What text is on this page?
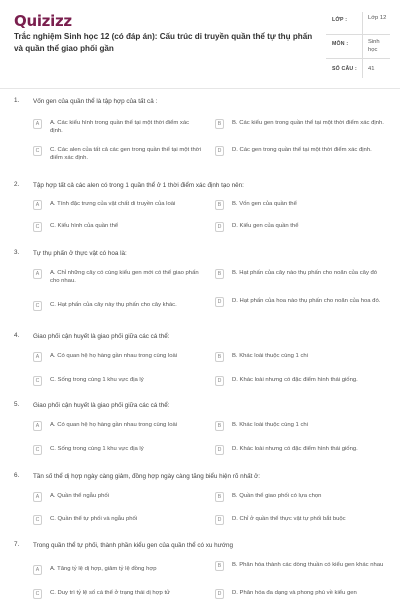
Quizizz
Trắc nghiệm Sinh học 12 (có đáp án): Cấu trúc di truyền quần thể tự thụ phấn và quần thể giao phối gần
LỚP :	Lớp 12
MÔN :	Sinh học
SỐ CÂU : 41
1. Vốn gen của quần thể là tập hợp của tất cả :
A	A. Các kiểu hình trong quần thể tại một thời điểm xác định.
B	B. Các kiểu gen trong quần thể tại một thời điểm xác định.
C	C. Các alen của tất cả các gen trong quần thể tại một thời điểm xác định.
D	D. Các gen trong quần thể tại một thời điểm xác định.
2. Tập hợp tất cả các alen có trong 1 quần thể ở 1 thời điểm xác định tạo nên:
A	A. Tính đặc trưng của vật chất di truyền của loài	B	B. Vốn gen của quần thể
C	C. Kiểu hình của quần thể	D	D. Kiểu gen của quần thể
3. Tự thụ phấn ở thực vật có hoa là:
A	A. Chỉ những cây có cùng kiểu gen mới có thể giao phấn cho nhau.
B	B. Hạt phấn của cây nào thụ phấn cho noãn của cây đó
C	C. Hạt phấn của cây này thụ phấn cho cây khác.	D	D. Hạt phấn của hoa nào thụ phấn cho noãn của hoa đó.
4. Giao phối cận huyết là giao phối giữa các cá thể:
A	A. Có quan hệ họ hàng gần nhau trong cùng loài	B	B. Khác loài thuộc cùng 1 chi
C	C. Sống trong cùng 1 khu vực địa lý	D	D. Khác loài nhưng có đặc điểm hình thái giống.
5. Giao phối cận huyết là giao phối giữa các cá thể:
A	A. Có quan hệ họ hàng gần nhau trong cùng loài	B	B. Khác loài thuộc cùng 1 chi
C	C. Sống trong cùng 1 khu vực địa lý	D	D. Khác loài nhưng có đặc điểm hình thái giống.
6. Tần số thể dị hợp ngày càng giảm, đồng hợp ngày càng tăng biểu hiện rõ nhất ở:
A	A. Quần thể ngẫu phối	B	B. Quần thể giao phối có lựa chọn
C	C. Quần thể tự phối và ngẫu phối	D	D. Chỉ ở quần thể thực vật tự phối bắt buộc
7. Trong quần thể tự phối, thành phần kiểu gen của quần thể có xu hướng
A	A. Tăng tỷ lệ dị hợp, giảm tỷ lệ đồng hợp	B	B. Phân hóa thành các dòng thuần có kiểu gen khác nhau
C	C. Duy trì tỷ lệ số cá thể ở trạng thái dị hợp tử	D	D. Phân hóa đa dạng và phong phú về kiểu gen
